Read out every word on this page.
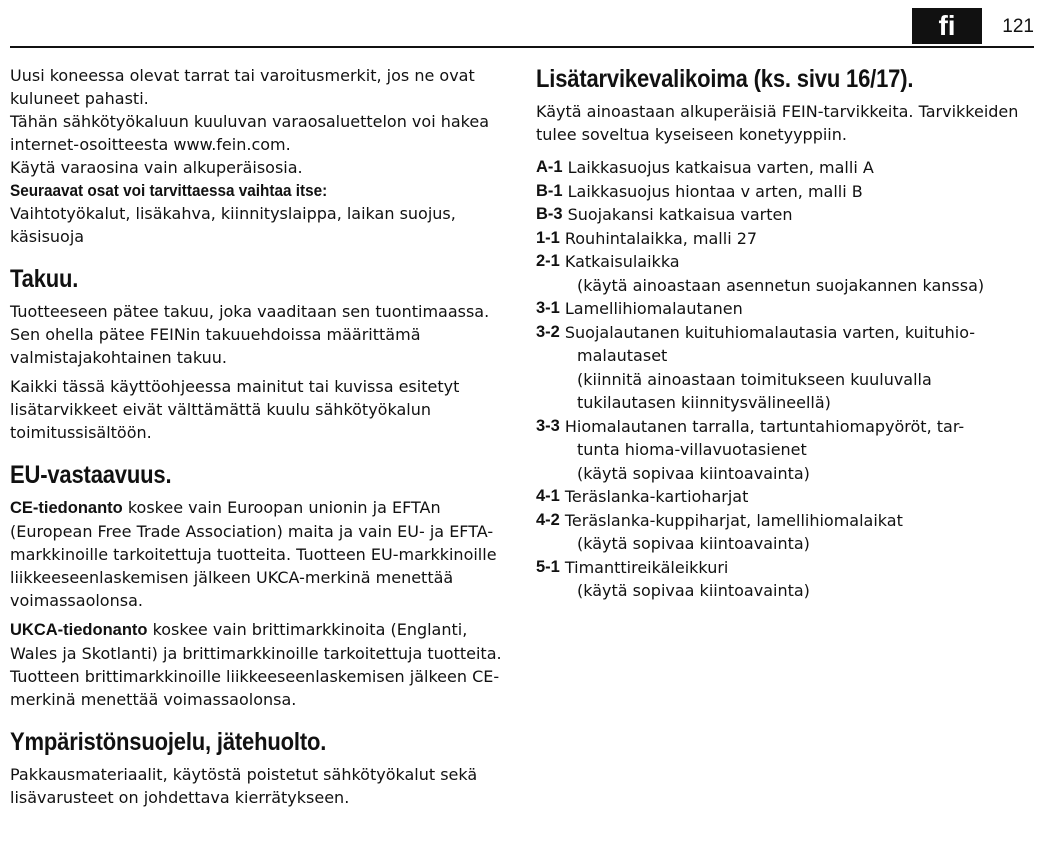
fi	121

Uusi koneessa olevat tarrat tai varoitusmerkit, jos ne ovat kuluneet pahasti.

Tähän sähkötyökaluun kuuluvan varaosaluettelon voi hakea internet-osoitteesta www.fein.com.

Käytä varaosina vain alkuperäisosia.

Seuraavat osat voi tarvittaessa vaihtaa itse:

Vaihtotyökalut, lisäkahva, kiinnityslaippa, laikan suojus, käsisuoja

Takuu.

Tuotteeseen pätee takuu, joka vaaditaan sen tuontimaassa. Sen ohella pätee FEINin takuuehdoissa määrittämä valmistajakohtainen takuu.

Kaikki tässä käyttöohjeessa mainitut tai kuvissa esitetyt lisätarvikkeet eivät välttämättä kuulu sähkötyökalun toimitussisältöön.

EU-vastaavuus.

CE-tiedonanto koskee vain Euroopan unionin ja EFTAn (European Free Trade Association) maita ja vain EU- ja EFTA-markkinoille tarkoitettuja tuotteita. Tuotteen EU-markkinoille liikkeeseenlaskemisen jälkeen UKCA-merkinä menettää voimassaolonsa.

UKCA-tiedonanto koskee vain brittimarkkinoita (Englanti, Wales ja Skotlanti) ja brittimarkkinoille tarkoitettuja tuotteita. Tuotteen brittimarkkinoille liikkeeseenlaskemisen jälkeen CE-merkinä menettää voimassaolonsa.

Ympäristönsuojelu, jätehuolto.

Pakkausmateriaalit, käytöstä poistetut sähkötyökalut sekä lisävarusteet on johdettava kierrätykseen.

Lisätarvikevalikoima (ks. sivu 16/17).

Käytä ainoastaan alkuperäisiä FEIN-tarvikkeita. Tarvikkeiden tulee soveltua kyseiseen konetyyppiin.

A-1 Laikkasuojus katkaisua varten, malli A
B-1 Laikkasuojus hiontaa v arten, malli B
B-3 Suojakansi katkaisua varten
1-1 Rouhintalaikka, malli 27
2-1 Katkaisulaikka
(käytä ainoastaan asennetun suojakannen kanssa)
3-1 Lamellihiomalautanen
3-2 Suojalautanen kuituhiomalautasia varten, kuituhio-
malautaset
(kiinnitä ainoastaan toimitukseen kuuluvalla tukilautasen kiinnitysvälineellä)
3-3 Hiomalautanen tarralla, tartuntahiomapyöröt, tar-
tunta hioma-villavuotasienet
(käytä sopivaa kiintoavainta)
4-1 Teräslanka-kartioharjat
4-2 Teräslanka-kuppiharjat, lamellihiomalaikat
(käytä sopivaa kiintoavainta)
5-1 Timanttireikäleikkuri
(käytä sopivaa kiintoavainta)
